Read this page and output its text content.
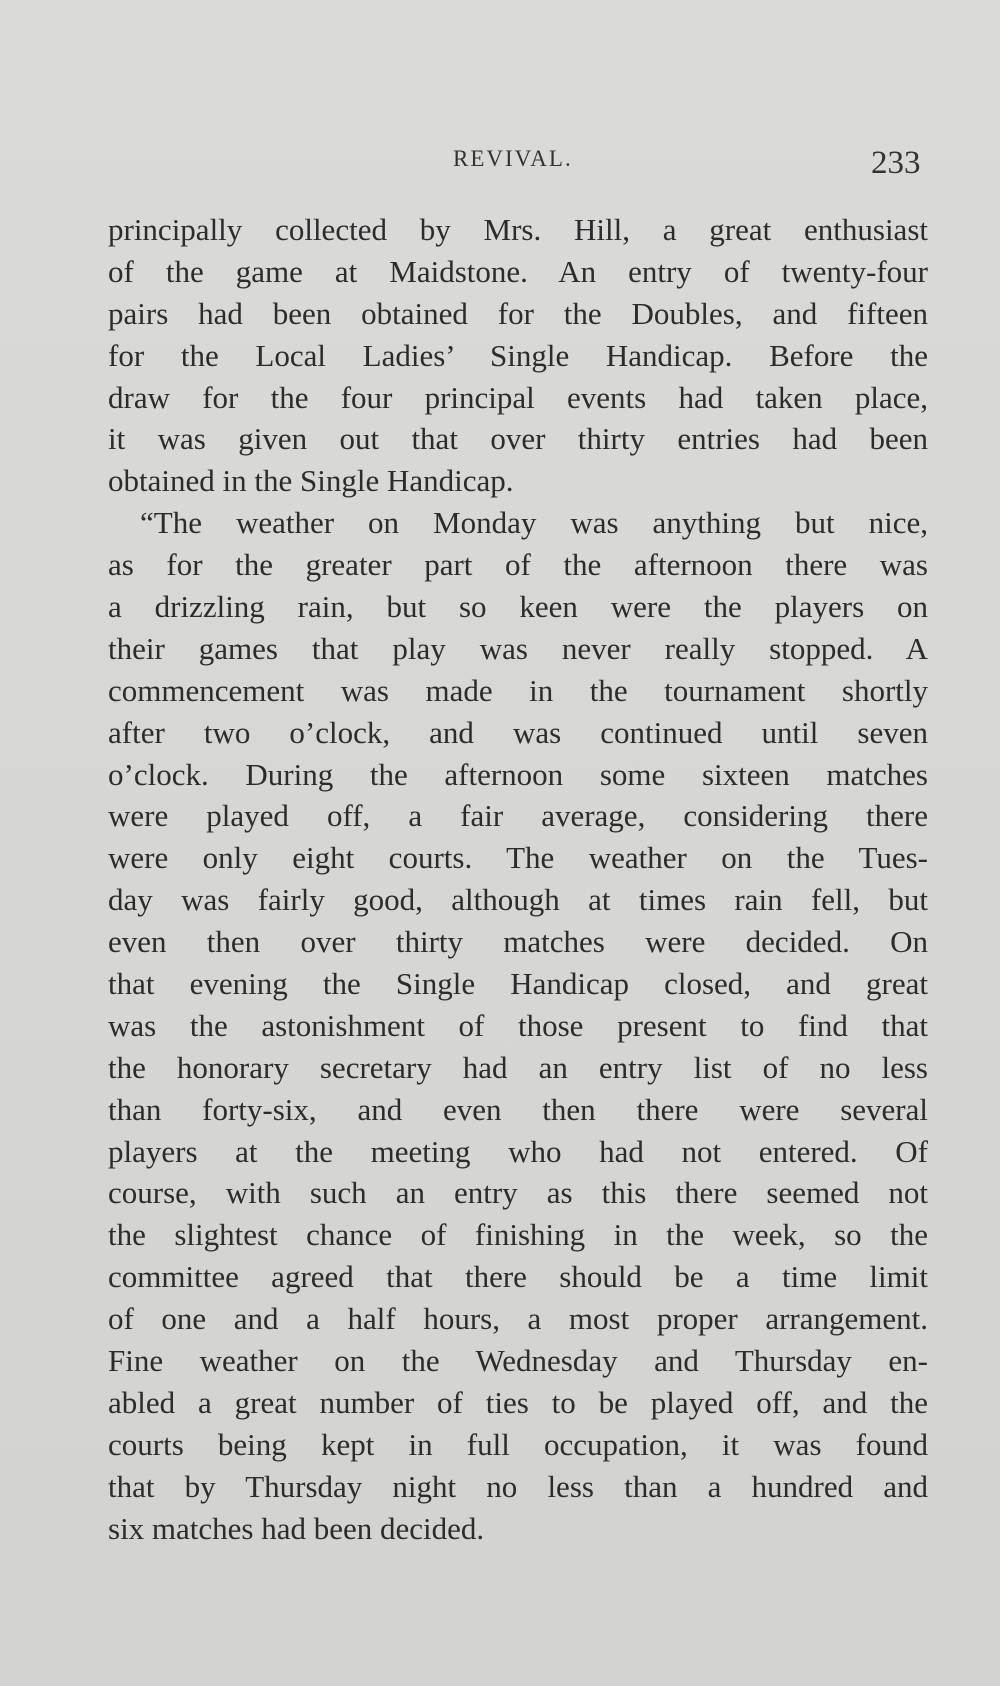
REVIVAL.	233
principally collected by Mrs. Hill, a great enthusiast
of the game at Maidstone. An entry of twenty-four
pairs had been obtained for the Doubles, and fifteen
for the Local Ladies’ Single Handicap. Before the
draw for the four principal events had taken place,
it was given out that over thirty entries had been
obtained in the Single Handicap.
“The weather on Monday was anything but nice,
as for the greater part of the afternoon there was
a drizzling rain, but so keen were the players on
their games that play was never really stopped. A
commencement was made in the tournament shortly
after two o’clock, and was continued until seven
o’clock. During the afternoon some sixteen matches
were played off, a fair average, considering there
were only eight courts. The weather on the Tues-
day was fairly good, although at times rain fell, but
even then over thirty matches were decided. On
that evening the Single Handicap closed, and great
was the astonishment of those present to find that
the honorary secretary had an entry list of no less
than forty-six, and even then there were several
players at the meeting who had not entered. Of
course, with such an entry as this there seemed not
the slightest chance of finishing in the week, so the
committee agreed that there should be a time limit
of one and a half hours, a most proper arrangement.
Fine weather on the Wednesday and Thursday en-
abled a great number of ties to be played off, and the
courts being kept in full occupation, it was found
that by Thursday night no less than a hundred and
six matches had been decided.
